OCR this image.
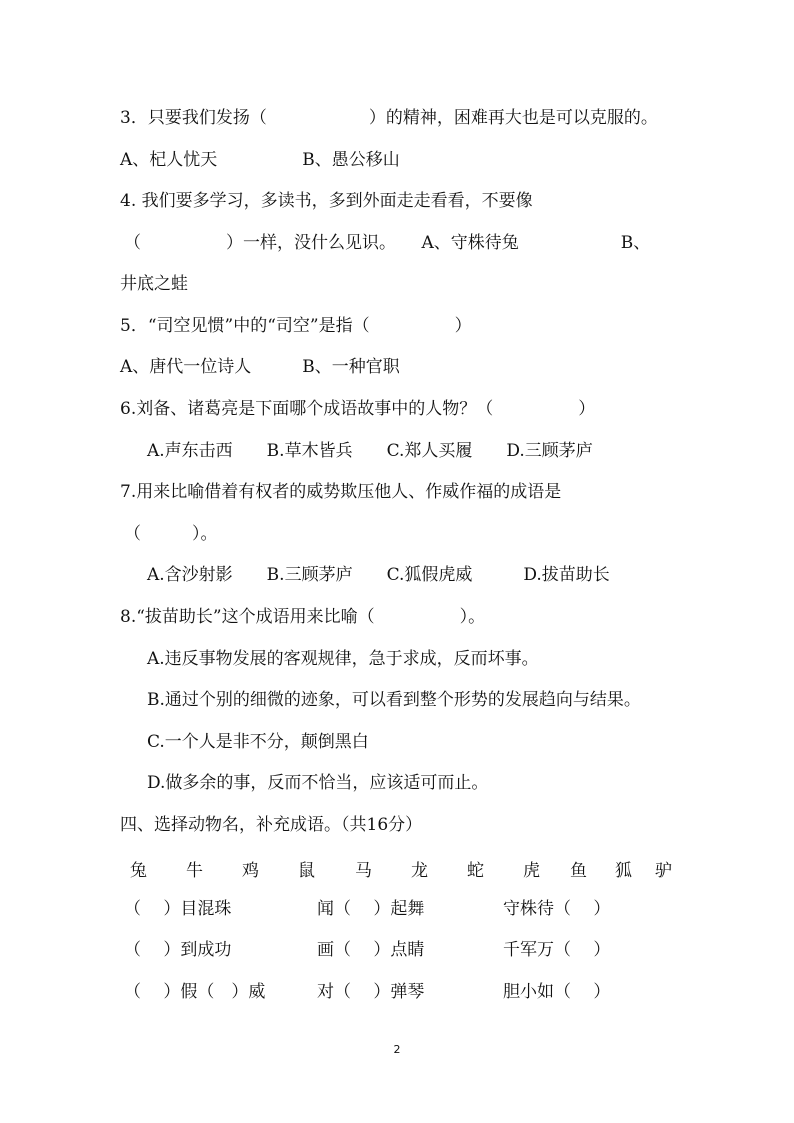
3．只要我们发扬（　　　　　　）的精神，困难再大也是可以克服的。
A、杞人忧天　　　　　B、愚公移山
4. 我们要多学习，多读书，多到外面走走看看，不要像
（　　　　　）一样，没什么见识。　　A、守株待兔　　　　　　B、
井底之蛙
5．“司空见惯”中的“司空”是指（　　　　　）
A、唐代一位诗人　　　B、一种官职
6.刘备、诸葛亮是下面哪个成语故事中的人物？（　　　　　）
A.声东击西　　B.草木皆兵　　C.郑人买履　　D.三顾茅庐
7.用来比喻借着有权者的威势欺压他人、作威作福的成语是
（　　　）。
A.含沙射影　　B.三顾茅庐　　C.狐假虎威　　　D.拔苗助长
8.“拔苗助长”这个成语用来比喻（　　　　　）。
A.违反事物发展的客观规律，急于求成，反而坏事。
B.通过个别的细微的迹象，可以看到整个形势的发展趋向与结果。
C.一个人是非不分，颠倒黑白
D.做多余的事，反而不恰当，应该适可而止。
四、选择动物名，补充成语。（共16分）
兔 牛 鸡 鼠 马 龙 蛇 虎 鱼 狐 驴
（　 ）目混珠	闻（　 ）起舞	守株待（　 ）
（　 ）到成功	画（　 ）点睛	千军万（　 ）
（　 ）假（　）威	对（　 ）弹琴	胆小如（　 ）
2
